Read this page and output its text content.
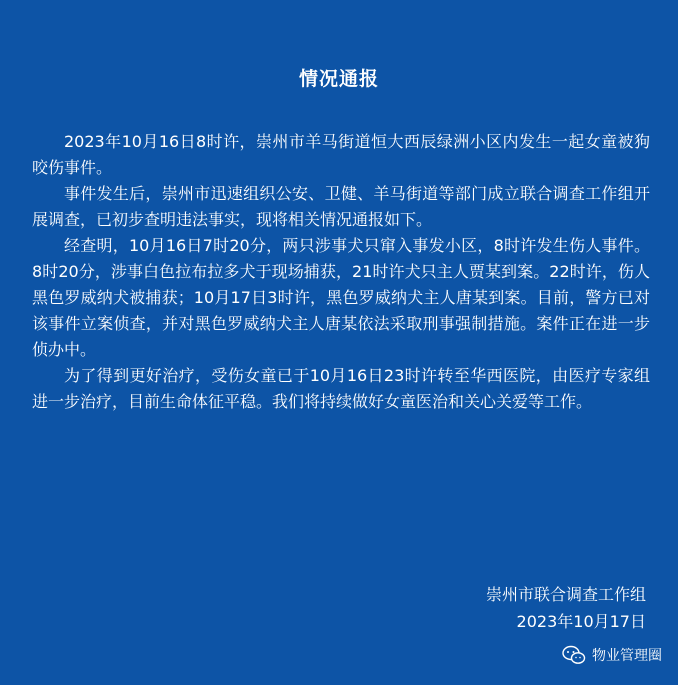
情况通报

2023年10月16日8时许，崇州市羊马街道恒大西辰绿洲小区内发生一起女童被狗咬伤事件。

事件发生后，崇州市迅速组织公安、卫健、羊马街道等部门成立联合调查工作组开展调查，已初步查明违法事实，现将相关情况通报如下。

经查明，10月16日7时20分，两只涉事犬只窜入事发小区，8时许发生伤人事件。8时20分，涉事白色拉布拉多犬于现场捕获，21时许犬只主人贾某到案。22时许，伤人黑色罗威纳犬被捕获；10月17日3时许，黑色罗威纳犬主人唐某到案。目前，警方已对该事件立案侦查，并对黑色罗威纳犬主人唐某依法采取刑事强制措施。案件正在进一步侦办中。

为了得到更好治疗，受伤女童已于10月16日23时许转至华西医院，由医疗专家组进一步治疗，目前生命体征平稳。我们将持续做好女童医治和关心关爱等工作。

崇州市联合调查工作组
2023年10月17日
物业管理圈
